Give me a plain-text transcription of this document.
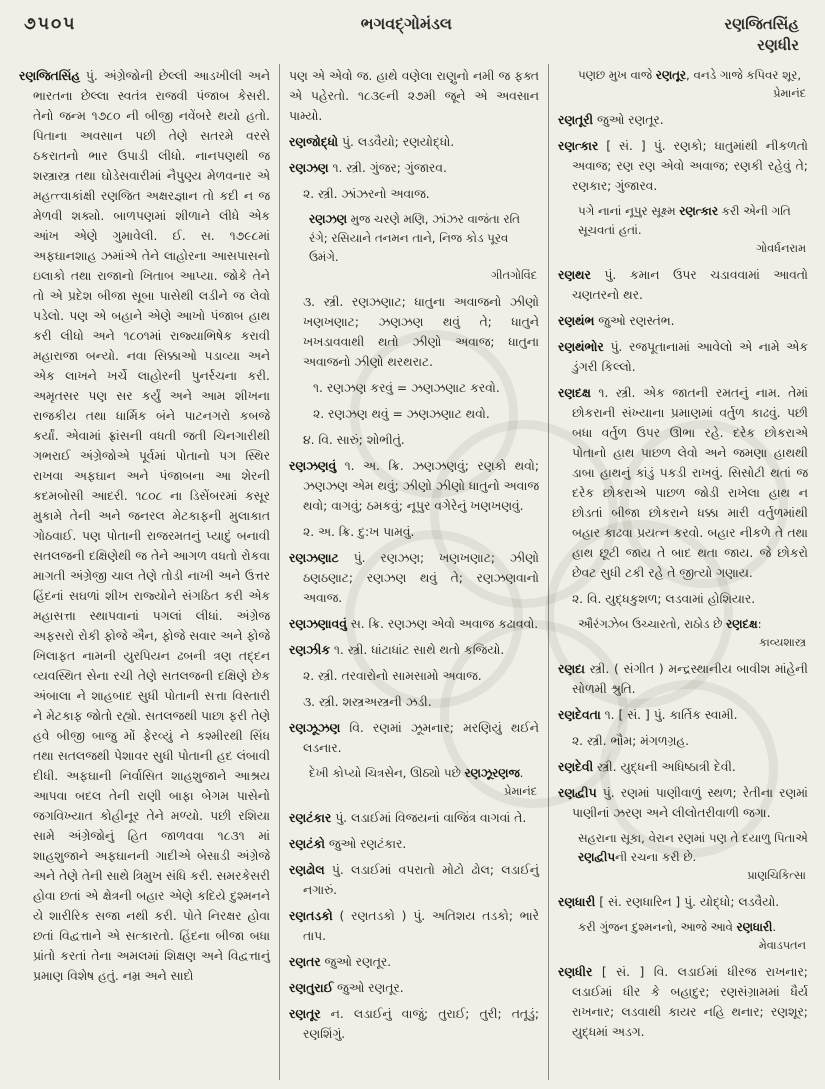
૭૫૦૫	ભગવદ્ગોમંડલ	રણજિતસિંહ
રણધીર
રણજિતસિંહ પું. અંગ્રેજોની છેલ્લી આડખીલી અને ભારતના છેલ્લા સ્વતંત્ર રાજવી પંજાબ કેસરી. તેનો જન્મ ૧૭૮૦ ની બીજી નવેંબરે થયો હતો. પિતાના અવસાન પછી તેણે સતરમે વરસે ઠકરાતનો ભાર ઉપાડી લીધો. નાનપણથી જ શસ્ત્રાસ્ત્ર તથા ઘોડેસવારીમાં નૈપુણ્ય મેળવનાર એ મહત્ત્વાકાંક્ષી રણજિત અક્ષરજ્ઞાન તો કદી ન જ મેળવી શક્યો. બાળપણમાં શીળાને લીધે એક આંખ એણે ગુમાવેલી. ઈ. સ. ૧૭૯૮માં અફઘાનશાહ ઝમાંએ તેને લાહોરના આસપાસનો ઇલાકો તથા રાજાનો ખિતાબ આપ્યા. જોકે તેને તો એ પ્રદેશ બીજા સૂબા પાસેથી લડીને જ લેવો પડેલો. પણ એ બહાને એણે આખો પંજાબ હાથ કરી લીધો અને ૧૮૦૧માં રાજ્યાભિષેક કરાવી મહારાજા બન્યો. નવા સિક્કાઓ પડાવ્યા અને એક લાખને ખર્ચે લાહોરની પુનર્રચના કરી. અમૃતસર પણ સર કર્યું અને આમ શીખના રાજકીય તથા ધાર્મિક બંને પાટનગરો કબજે કર્યાં. એવામાં ફ્રાંસની વધતી જતી ચિનગારીથી ગભરાઈ અંગ્રેજોએ પૂર્વમાં પોતાનો પગ સ્થિર રાખવા અફઘાન અને પંજાબના આ શેરની કદમબોસી આદરી. ૧૮૦૮ ના ડિસેંબરમાં કસૂર મુકામે તેની અને જનરલ મેટકાફની મુલાકાત ગોઠવાઈ. પણ પોતાની રાજરમતનું પ્યાદું બનાવી સતલજની દક્ષિણેથી જ તેને આગળ વધતો રોકવા માગતી અંગ્રેજી ચાલ તેણે તોડી નાખી અને ઉત્તર હિંદનાં સઘળાં શીખ રાજ્યોને સંગઠિત કરી એક મહાસત્તા સ્થાપવાનાં પગલાં લીધાં. અંગ્રેજ અફસરો રોકી ફોજે ઐન, ફોજે સવાર અને ફોજે ખિલાફત નામની યુરપિયન ઢબની ત્રણ તદ્દન વ્યવસ્થિત સેના રચી તેણે સતલજની દક્ષિણે છેક અંબાલા ને શાહબાદ સુધી પોતાની સત્તા વિસ્તારી ને મેટકાફ જોતો રહ્યો. સતલજથી પાછા ફરી તેણે હવે બીજી બાજુ મોં ફેરવ્યું ને કશ્મીરથી સિંધ તથા સતલજથી પેશાવર સુધી પોતાની હદ લંબાવી દીધી. અફઘાની નિર્વાસિત શાહશુજાને આશ્રય આપવા બદલ તેની રાણી બાફા બેગમ પાસેનો જગવિખ્યાત કોહીનૂર તેને મળ્યો. પછી રશિયા સામે અંગ્રેજોનું હિત જાળવવા ૧૮૩૧ માં શાહશુજાને અફઘાનની ગાદીએ બેસાડી અંગ્રેજે અને તેણે તેની સાથે ત્રિમુખ સંધિ કરી. સમરકેસરી હોવા છતાં એ ક્ષેત્રની બહાર એણે કદિયે દુશ્મનને યે શારીરિક સજા નથી કરી. પોતે નિરક્ષર હોવા છતાં વિદ્વત્તાને એ સત્કારતો. હિંદના બીજા બધા પ્રાંતો કરતાં તેના અમલમાં શિક્ષણ અને વિદ્વત્તાનું પ્રમાણ વિશેષ હતું. નમ્ર અને સાદો
પણ એ એવો જ. હાથે વણેલા રાણુનો નમી જ ફક્ત એ પહેરતો. ૧૮૩૯ની ૨૭મી જૂને એ અવસાન પામ્યો.
રણજોદ્ધો પું. લડવૈયો; રણયોદ્ધો.
રણઝણ ૧. સ્ત્રી. ગુંજર; ગુંજારવ.
૨. સ્ત્રી. ઝાંઝરનો અવાજ.
રણઝણ મુજ ચરણે મણિ, ઝાંઝર વાજંતા રતિ રંગે; રસિયાને તનમન તાને, નિજ કોડ પૂરવ ઉમંગે.
ગીતગોવિંદ
૩. સ્ત્રી. રણઝણાટ; ધાતુના અવાજનો ઝીણો ખણખણાટ; ઝણઝણ થવું તે; ધાતુને ખખડાવવાથી થતો ઝીણો અવાજ; ધાતુના અવાજનો ઝીણો થરથરાટ.
૧. રણઝણ કરવું = ઝણઝણાટ કરવો.
૨. રણઝણ થવું = ઝણઝણાટ થવો.
૪. વિ. સારું; શોભીતું.
રણઝણવું ૧. અ. ક્રિ. ઝણઝણવું; રણકો થવો; ઝણઝણ એમ થવું; ઝીણો ઝીણો ધાતુનો અવાજ થવો; વાગવું; ઠમકવું; નૂપુર વગેરેનું ખણખણવું.
૨. અ. ક્રિ. દુ:ખ પામવું.
રણઝણાટ પું. રણઝણ; ખણખણાટ; ઝીણો ઠણઠણાટ; રણઝણ થવું તે; રણઝણવાનો અવાજ.
રણઝણાવવું સ. ક્રિ. રણઝણ એવો અવાજ કઢાવવો.
રણઝીક ૧. સ્ત્રી. ધાંટાધાંટ સાથે થતો કજિયો.
૨. સ્ત્રી. તરવારોનો સામસામો અવાજ.
૩. સ્ત્રી. શસ્ત્રઅસ્ત્રની ઝડી.
રણઝૂઝણ વિ. રણમાં ઝૂમનાર; મરણિયું થઈને લડનાર.
દેખી કોપ્યો ચિત્રસેન, ઊઠ્યો પછે રણઝૂરણજ.
પ્રેમાનંદ
રણટંકાર પું. લડાઈમાં વિજયનાં વાજિંત્ર વાગવાં તે.
રણટંકો જુઓ રણટંકાર.
રણઢોલ પું. લડાઈમાં વપરાતો મોટો ઢોલ; લડાઈનું નગારું.
રણતડકો ( રણતડકો ) પું. અતિશય તડકો; ભારે તાપ.
રણતર જુઓ રણતૂર.
રણતુરાઈ જુઓ રણતૂર.
રણતૂર ન. લડાઈનું વાજું; તુરાઈ; તુરી; તતૂડું; રણશિંગું.
પણછ મુખ વાજે રણતૂર, વનડે ગાજે કપિવર શૂર,
પ્રેમાનંદ
રણતૂરી જુઓ રણતૂર.
રણત્કાર [ સં. ] પું. રણકો; ધાતુમાંથી નીકળતો અવાજ; રણ રણ એવો અવાજ; રણકી રહેવું તે; રણકાર; ગુંજારવ.
પગે નાનાં નૂપુર સૂક્ષ્મ રણત્કાર કરી એની ગતિ સૂચવતાં હતાં.
ગોવર્ધનરામ
રણથર પું. કમાન ઉપર ચડાવવામાં આવતો ચણતરનો થર.
રણથંભ જુઓ રણસ્તંભ.
રણથંભોર પું. રજપૂતાનામાં આવેલો એ નામે એક ડુંગરી કિલ્લો.
રણદક્ષ ૧. સ્ત્રી. એક જાતની રમતનું નામ. તેમાં છોકરાની સંખ્યાના પ્રમાણમાં વર્તુળ કાઢવું. પછી બધા વર્તુળ ઉપર ઊભા રહે. દરેક છોકરાએ પોતાનો હાથ પાછળ લેવો અને જમણા હાથથી ડાબા હાથનું કાંડું પકડી રાખવું. સિસોટી થતાં જ દરેક છોકરાએ પાછળ જોડી રાખેલા હાથ ન છોડતાં બીજા છોકરાને ધક્કા મારી વર્તુળમાંથી બહાર કાઢવા પ્રયત્ન કરવો. બહાર નીકળે તે તથા હાથ છૂટી જાય તે બાદ થતા જાય. જે છોકરો છેવટ સુધી ટકી રહે તે જીત્યો ગણાય.
૨. વિ. યુદ્ધકુશળ; લડવામાં હોશિયાર.
ઔરંગઝેબ ઉચ્ચારતો, રાઠોડ છે રણદક્ષ:
કાવ્યશાસ્ત્ર
રણદા સ્ત્રી. ( સંગીત ) મન્દ્રસ્થાનીય બાવીશ માંહેની સોળમી શ્રુતિ.
રણદેવતા ૧. [ સં. ] પું. કાર્તિક સ્વામી.
૨. સ્ત્રી. ભૌમ; મંગળગ્રહ.
રણદેવી સ્ત્રી. યુદ્ધની અધિષ્ઠાત્રી દેવી.
રણદ્વીપ પું. રણમાં પાણીવાળું સ્થળ; રેતીના રણમાં પાણીનાં ઝરણ અને લીલોતરીવાળી જગા.
સહરાના સૂકા, વેરાન રણમાં પણ તે દયાળુ પિતાએ રણદ્વીપની રચના કરી છે.
પ્રાણચિકિત્સા
રણધારી [ સં. રણધારિન ] પું. યોદ્ધો; લડવૈયો.
કરી ગુંજન દુશ્મનનો, આજે આવે રણધારી.
મેવાડપતન
રણધીર [ સં. ] વિ. લડાઈમાં ધીરજ રાખનાર; લડાઈમાં ધીર કે બહાદુર; રણસંગ્રામમાં ધૈર્ય રાખનાર; લડવાથી કાયર નહિ થનાર; રણશૂર; યુદ્ધમાં અડગ.
